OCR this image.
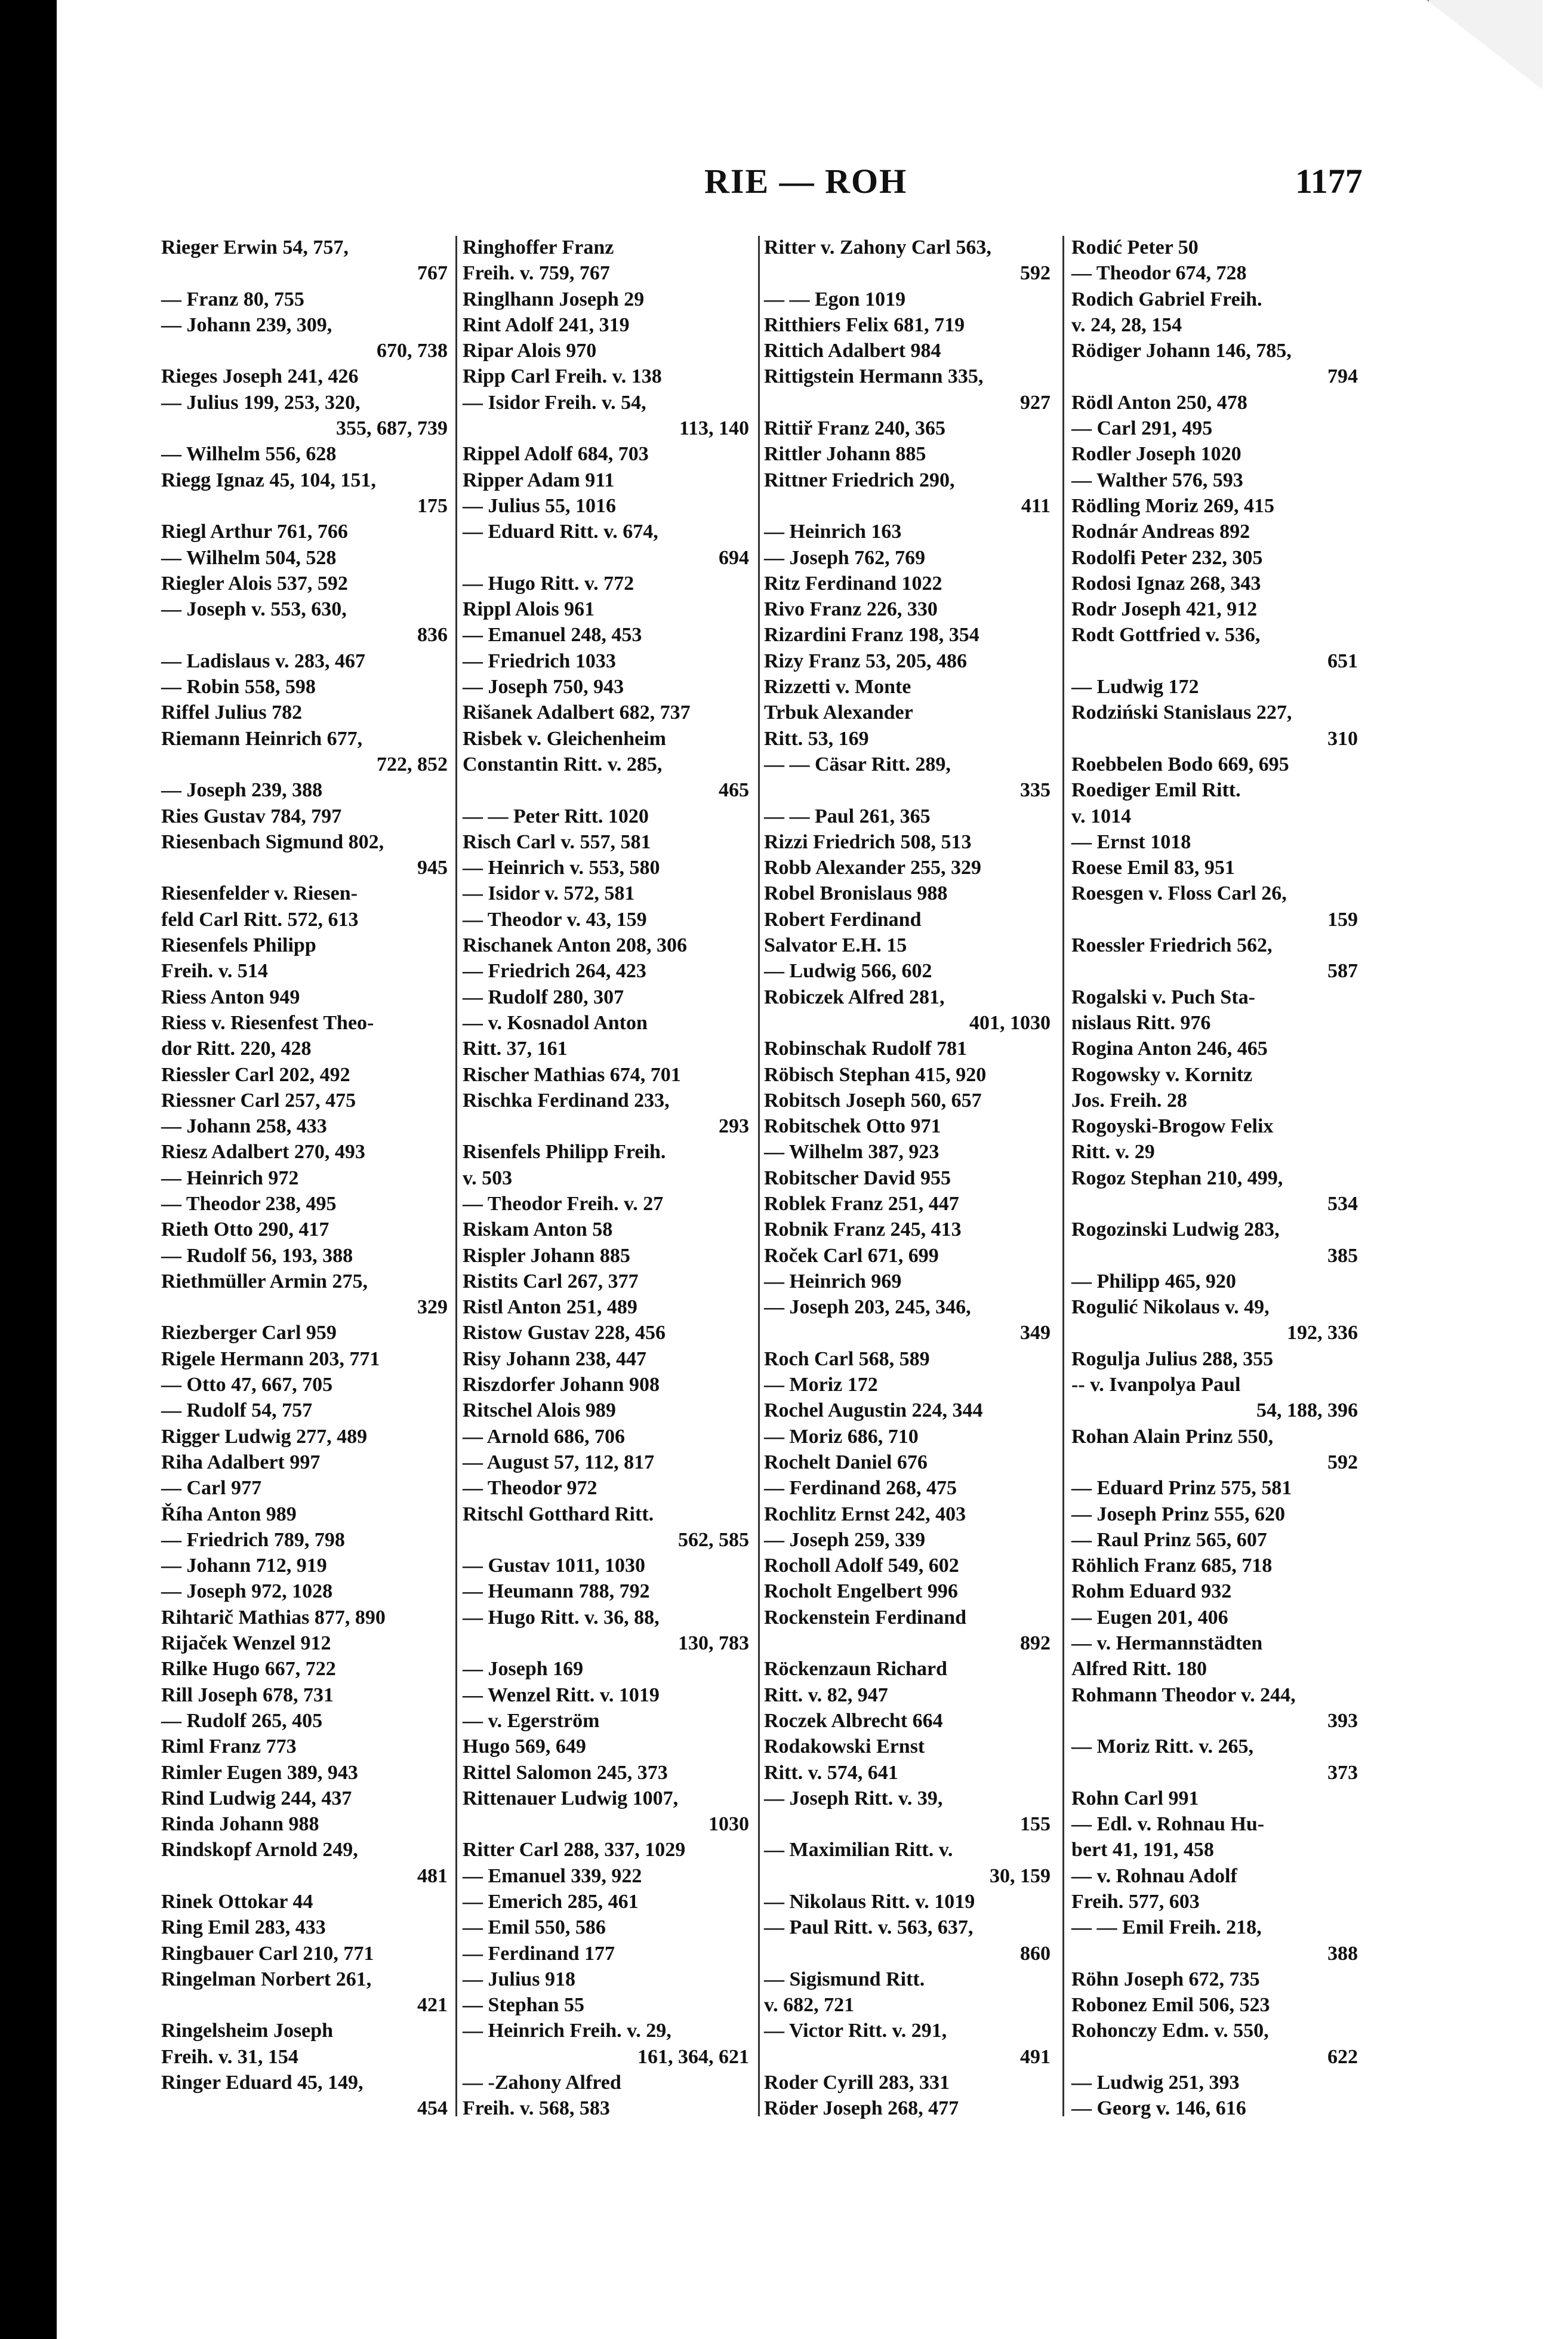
RIE — ROH	1177
Rieger Erwin 54, 757,
767
— Franz 80, 755
— Johann 239, 309,
670, 738
Rieges Joseph 241, 426
— Julius 199, 253, 320,
355, 687, 739
— Wilhelm 556, 628
Riegg Ignaz 45, 104, 151,
175
Riegl Arthur 761, 766
— Wilhelm 504, 528
Riegler Alois 537, 592
— Joseph v. 553, 630,
836
— Ladislaus v. 283, 467
— Robin 558, 598
Riffel Julius 782
Riemann Heinrich 677,
722, 852
— Joseph 239, 388
Ries Gustav 784, 797
Riesenbach Sigmund 802,
945
Riesenfelder v. Riesen-
feld Carl Ritt. 572, 613
Riesenfels Philipp
Freih. v. 514
Riess Anton 949
Riess v. Riesenfest Theo-
dor Ritt. 220, 428
Riessler Carl 202, 492
Riessner Carl 257, 475
— Johann 258, 433
Riesz Adalbert 270, 493
— Heinrich 972
— Theodor 238, 495
Rieth Otto 290, 417
— Rudolf 56, 193, 388
Riethmüller Armin 275,
329
Riezberger Carl 959
Rigele Hermann 203, 771
— Otto 47, 667, 705
— Rudolf 54, 757
Rigger Ludwig 277, 489
Riha Adalbert 997
— Carl 977
Říha Anton 989
— Friedrich 789, 798
— Johann 712, 919
— Joseph 972, 1028
Rihtarič Mathias 877, 890
Rijaček Wenzel 912
Rilke Hugo 667, 722
Rill Joseph 678, 731
— Rudolf 265, 405
Riml Franz 773
Rimler Eugen 389, 943
Rind Ludwig 244, 437
Rinda Johann 988
Rindskopf Arnold 249,
481
Rinek Ottokar 44
Ring Emil 283, 433
Ringbauer Carl 210, 771
Ringelman Norbert 261,
421
Ringelsheim Joseph
Freih. v. 31, 154
Ringer Eduard 45, 149,
454
Ringhoffer Franz
Freih. v. 759, 767
Ringlhann Joseph 29
Rint Adolf 241, 319
Ripar Alois 970
Ripp Carl Freih. v. 138
— Isidor Freih. v. 54,
113, 140
Rippel Adolf 684, 703
Ripper Adam 911
— Julius 55, 1016
— Eduard Ritt. v. 674,
694
— Hugo Ritt. v. 772
Rippl Alois 961
— Emanuel 248, 453
— Friedrich 1033
— Joseph 750, 943
Rišanek Adalbert 682, 737
Risbek v. Gleichenheim
Constantin Ritt. v. 285,
465
— — Peter Ritt. 1020
Risch Carl v. 557, 581
— Heinrich v. 553, 580
— Isidor v. 572, 581
— Theodor v. 43, 159
Rischanek Anton 208, 306
— Friedrich 264, 423
— Rudolf 280, 307
— v. Kosnadol Anton
Ritt. 37, 161
Rischer Mathias 674, 701
Rischka Ferdinand 233,
293
Risenfels Philipp Freih.
v. 503
— Theodor Freih. v. 27
Riskam Anton 58
Rispler Johann 885
Ristits Carl 267, 377
Ristl Anton 251, 489
Ristow Gustav 228, 456
Risy Johann 238, 447
Riszdorfer Johann 908
Ritschel Alois 989
— Arnold 686, 706
— August 57, 112, 817
— Theodor 972
Ritschl Gotthard Ritt.
562, 585
— Gustav 1011, 1030
— Heumann 788, 792
— Hugo Ritt. v. 36, 88,
130, 783
— Joseph 169
— Wenzel Ritt. v. 1019
— v. Egerström
Hugo 569, 649
Rittel Salomon 245, 373
Rittenauer Ludwig 1007,
1030
Ritter Carl 288, 337, 1029
— Emanuel 339, 922
— Emerich 285, 461
— Emil 550, 586
— Ferdinand 177
— Julius 918
— Stephan 55
— Heinrich Freih. v. 29,
161, 364, 621
— -Zahony Alfred
Freih. v. 568, 583
Ritter v. Zahony Carl 563,
592
— — Egon 1019
Ritthiers Felix 681, 719
Rittich Adalbert 984
Rittigstein Hermann 335,
927
Rittiř Franz 240, 365
Rittler Johann 885
Rittner Friedrich 290,
411
— Heinrich 163
— Joseph 762, 769
Ritz Ferdinand 1022
Rivo Franz 226, 330
Rizardini Franz 198, 354
Rizy Franz 53, 205, 486
Rizzetti v. Monte
Trbuk Alexander
Ritt. 53, 169
— — Cäsar Ritt. 289,
335
— — Paul 261, 365
Rizzi Friedrich 508, 513
Robb Alexander 255, 329
Robel Bronislaus 988
Robert Ferdinand
Salvator E.H. 15
— Ludwig 566, 602
Robiczek Alfred 281,
401, 1030
Robinschak Rudolf 781
Röbisch Stephan 415, 920
Robitsch Joseph 560, 657
Robitschek Otto 971
— Wilhelm 387, 923
Robitscher David 955
Roblek Franz 251, 447
Robnik Franz 245, 413
Roček Carl 671, 699
— Heinrich 969
— Joseph 203, 245, 346,
349
Roch Carl 568, 589
— Moriz 172
Rochel Augustin 224, 344
— Moriz 686, 710
Rochelt Daniel 676
— Ferdinand 268, 475
Rochlitz Ernst 242, 403
— Joseph 259, 339
Rocholl Adolf 549, 602
Rocholt Engelbert 996
Rockenstein Ferdinand
892
Röckenzaun Richard
Ritt. v. 82, 947
Roczek Albrecht 664
Rodakowski Ernst
Ritt. v. 574, 641
— Joseph Ritt. v. 39,
155
— Maximilian Ritt. v.
30, 159
— Nikolaus Ritt. v. 1019
— Paul Ritt. v. 563, 637,
860
— Sigismund Ritt.
v. 682, 721
— Victor Ritt. v. 291,
491
Roder Cyrill 283, 331
Röder Joseph 268, 477
Rodić Peter 50
— Theodor 674, 728
Rodich Gabriel Freih.
v. 24, 28, 154
Rödiger Johann 146, 785,
794
Rödl Anton 250, 478
— Carl 291, 495
Rodler Joseph 1020
— Walther 576, 593
Rödling Moriz 269, 415
Rodnár Andreas 892
Rodolfi Peter 232, 305
Rodosi Ignaz 268, 343
Rodr Joseph 421, 912
Rodt Gottfried v. 536,
651
— Ludwig 172
Rodziński Stanislaus 227,
310
Roebbelen Bodo 669, 695
Roediger Emil Ritt.
v. 1014
— Ernst 1018
Roese Emil 83, 951
Roesgen v. Floss Carl 26,
159
Roessler Friedrich 562,
587
Rogalski v. Puch Sta-
nislaus Ritt. 976
Rogina Anton 246, 465
Rogowsky v. Kornitz
Jos. Freih. 28
Rogoyski-Brogow Felix
Ritt. v. 29
Rogoz Stephan 210, 499,
534
Rogozinski Ludwig 283,
385
— Philipp 465, 920
Rogulić Nikolaus v. 49,
192, 336
Rogulja Julius 288, 355
-- v. Ivanpolya Paul
54, 188, 396
Rohan Alain Prinz 550,
592
— Eduard Prinz 575, 581
— Joseph Prinz 555, 620
— Raul Prinz 565, 607
Röhlich Franz 685, 718
Rohm Eduard 932
— Eugen 201, 406
— v. Hermannstädten
Alfred Ritt. 180
Rohmann Theodor v. 244,
393
— Moriz Ritt. v. 265,
373
Rohn Carl 991
— Edl. v. Rohnau Hu-
bert 41, 191, 458
— v. Rohnau Adolf
Freih. 577, 603
— — Emil Freih. 218,
388
Röhn Joseph 672, 735
Robonez Emil 506, 523
Rohonczy Edm. v. 550,
622
— Ludwig 251, 393
— Georg v. 146, 616
